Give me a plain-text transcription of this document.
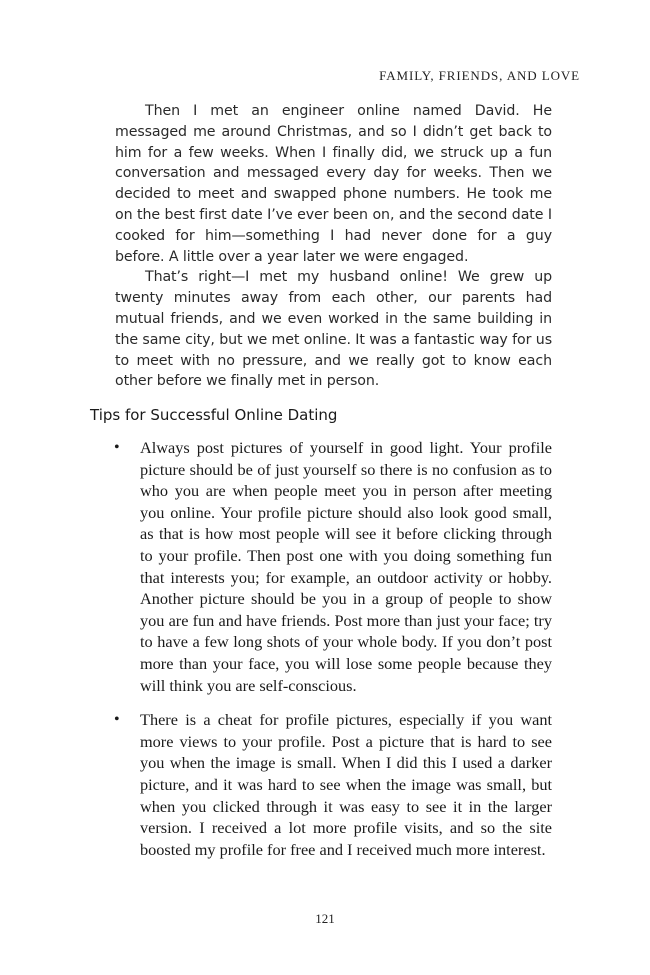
FAMILY, FRIENDS, AND LOVE

Then I met an engineer online named David. He messaged me around Christmas, and so I didn’t get back to him for a few weeks. When I finally did, we struck up a fun conversation and messaged every day for weeks. Then we decided to meet and swapped phone numbers. He took me on the best first date I’ve ever been on, and the second date I cooked for him—something I had never done for a guy before. A little over a year later we were engaged.

That’s right—I met my husband online! We grew up twenty minutes away from each other, our parents had mutual friends, and we even worked in the same building in the same city, but we met online. It was a fantastic way for us to meet with no pressure, and we really got to know each other before we finally met in person.

Tips for Successful Online Dating
• Always post pictures of yourself in good light. Your profile picture should be of just yourself so there is no confusion as to who you are when people meet you in person after meeting you online. Your profile picture should also look good small, as that is how most people will see it before clicking through to your profile. Then post one with you doing something fun that interests you; for example, an outdoor activity or hobby. Another picture should be you in a group of people to show you are fun and have friends. Post more than just your face; try to have a few long shots of your whole body. If you don’t post more than your face, you will lose some people because they will think you are self-conscious.
• There is a cheat for profile pictures, especially if you want more views to your profile. Post a picture that is hard to see you when the image is small. When I did this I used a darker picture, and it was hard to see when the image was small, but when you clicked through it was easy to see it in the larger version. I received a lot more profile visits, and so the site boosted my profile for free and I received much more interest.
121
